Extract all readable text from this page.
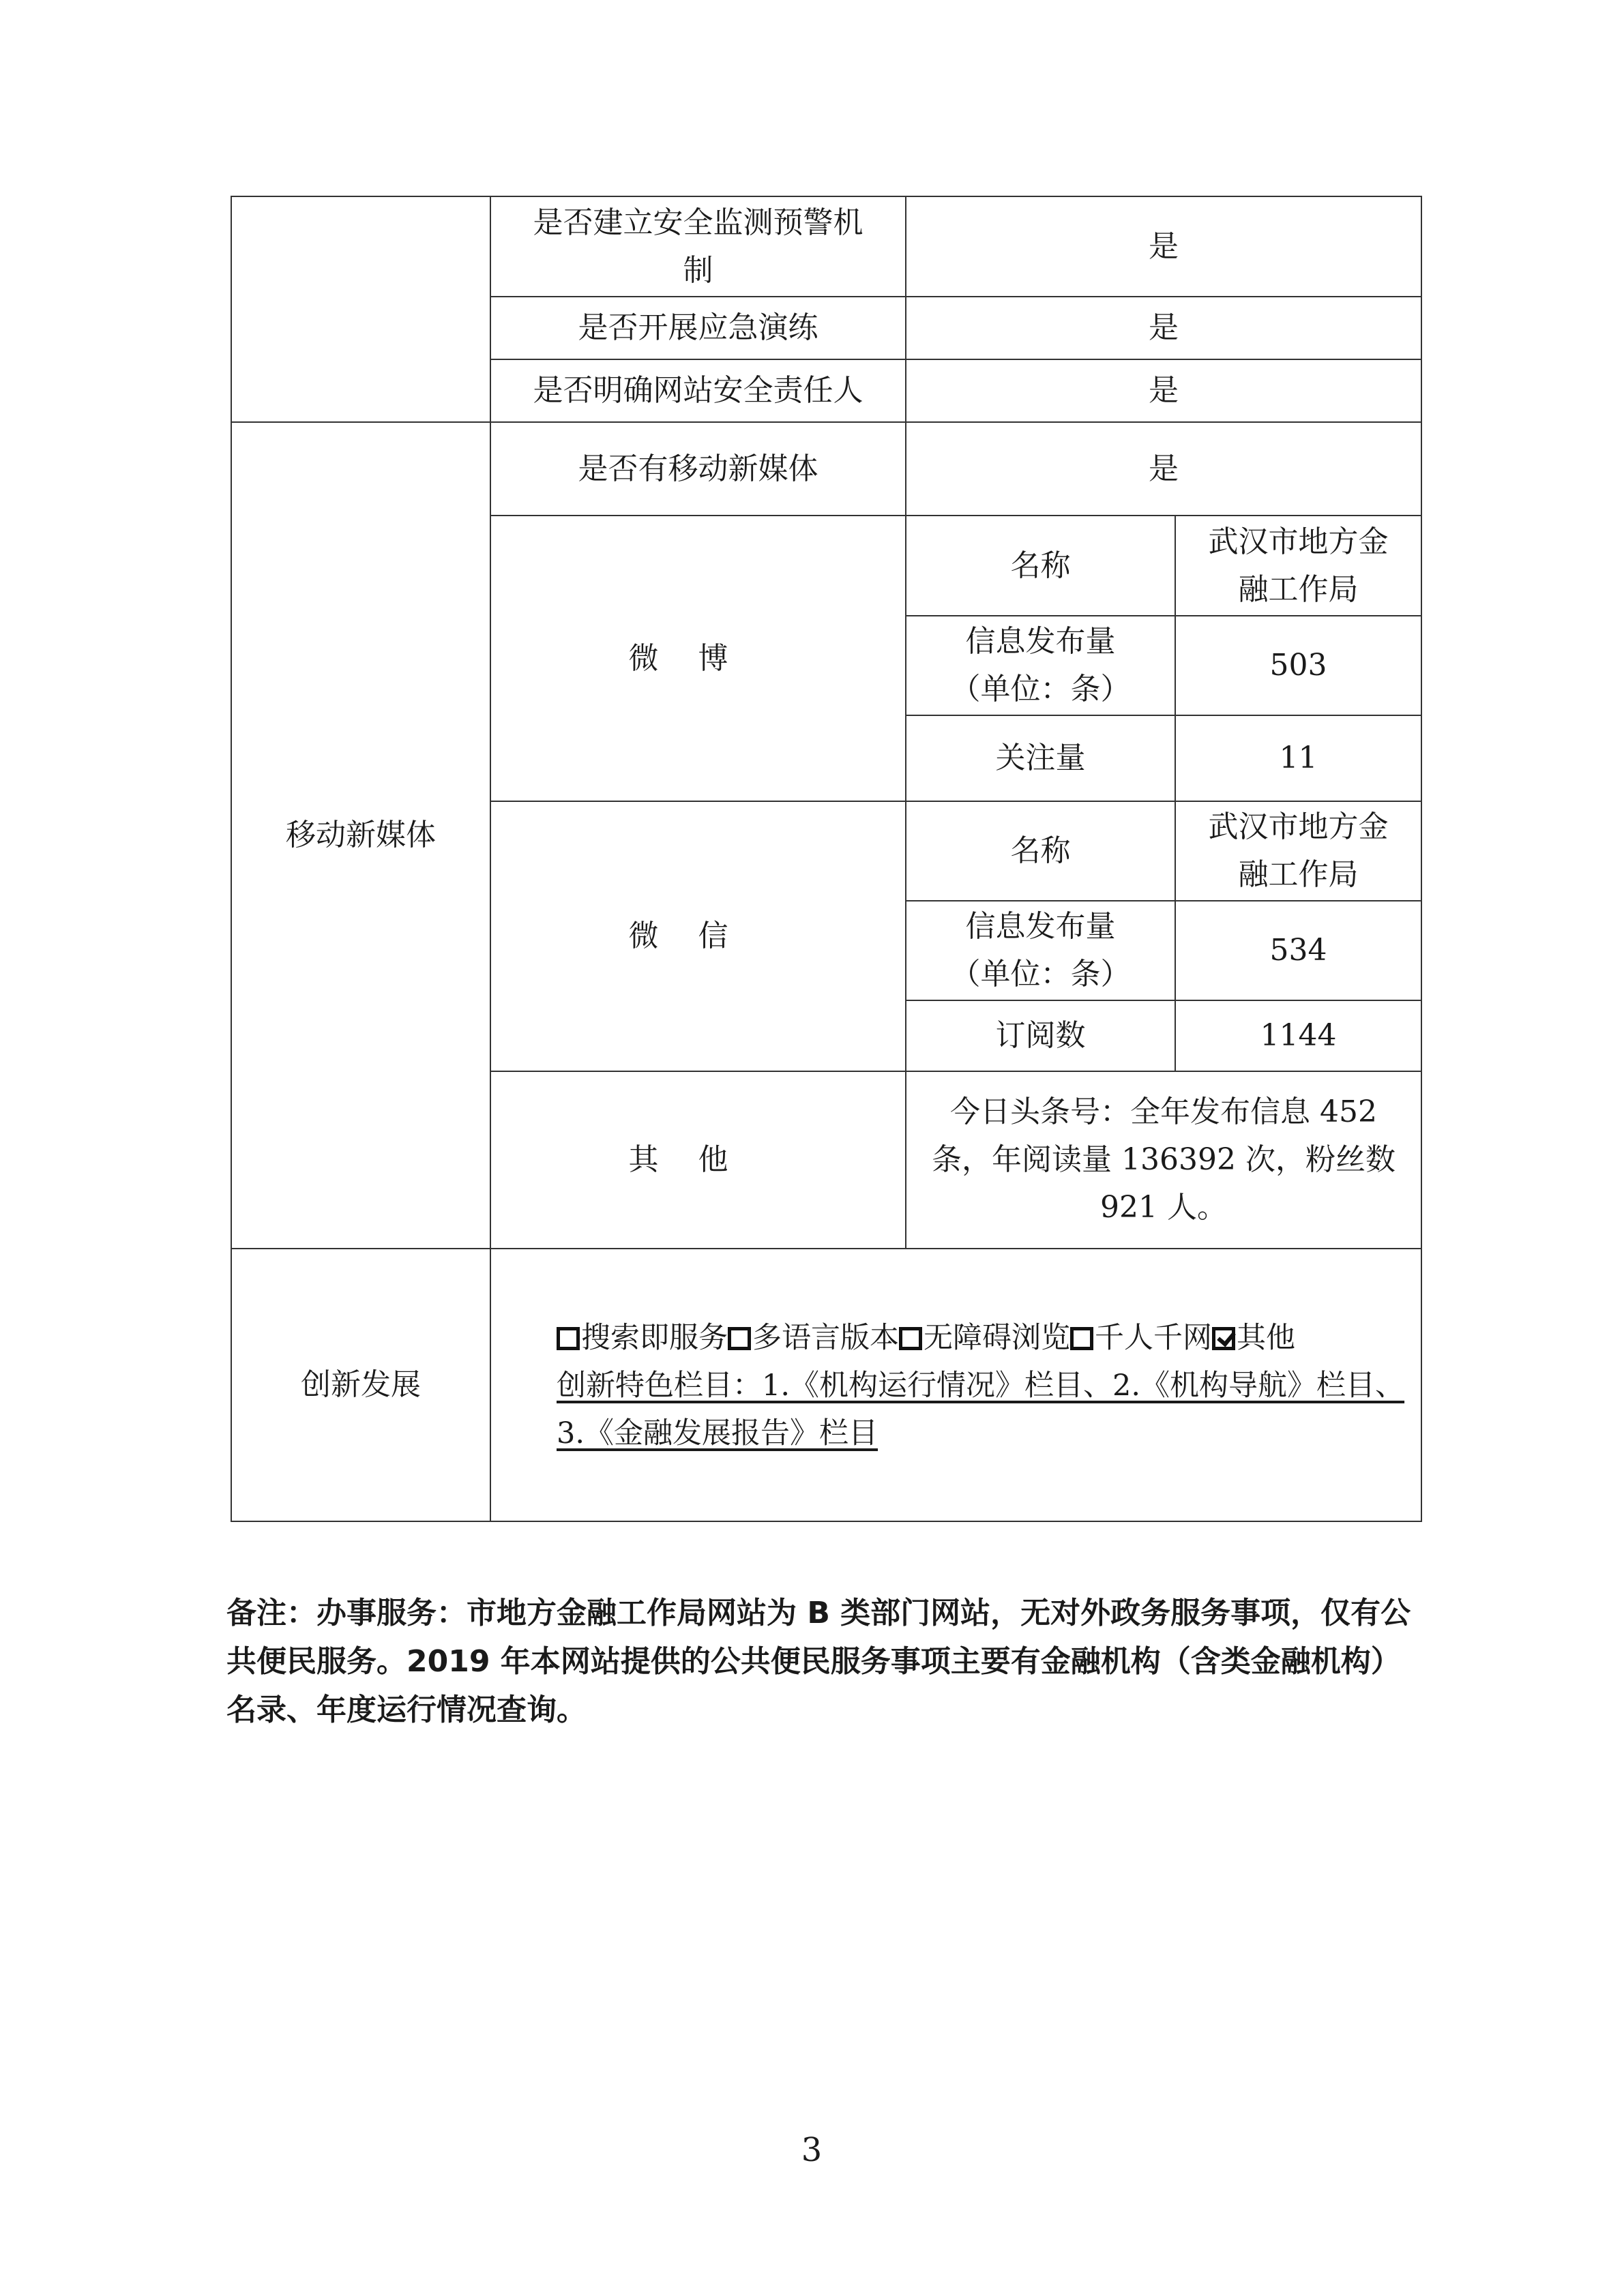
	是否建立安全监测预警机制	是	
	是否开展应急演练	是	
	是否明确网站安全责任人	是	
移动新媒体	是否有移动新媒体	是	
	微博	名称	武汉市地方金融工作局
		信息发布量（单位：条）	503
		关注量	11
	微信	名称	武汉市地方金融工作局
		信息发布量（单位：条）	534
		订阅数	1144
	其他	今日头条号：全年发布信息 452 条，年阅读量 136392 次，粉丝数 921 人。	
创新发展	搜索即服务 多语言版本 无障碍浏览 千人千网 其他
创新特色栏目：1.《机构运行情况》栏目、2.《机构导航》栏目、3.《金融发展报告》栏目		
备注：办事服务：市地方金融工作局网站为 B 类部门网站，无对外政务服务事项，仅有公共便民服务。2019 年本网站提供的公共便民服务事项主要有金融机构（含类金融机构）名录、年度运行情况查询。
3
